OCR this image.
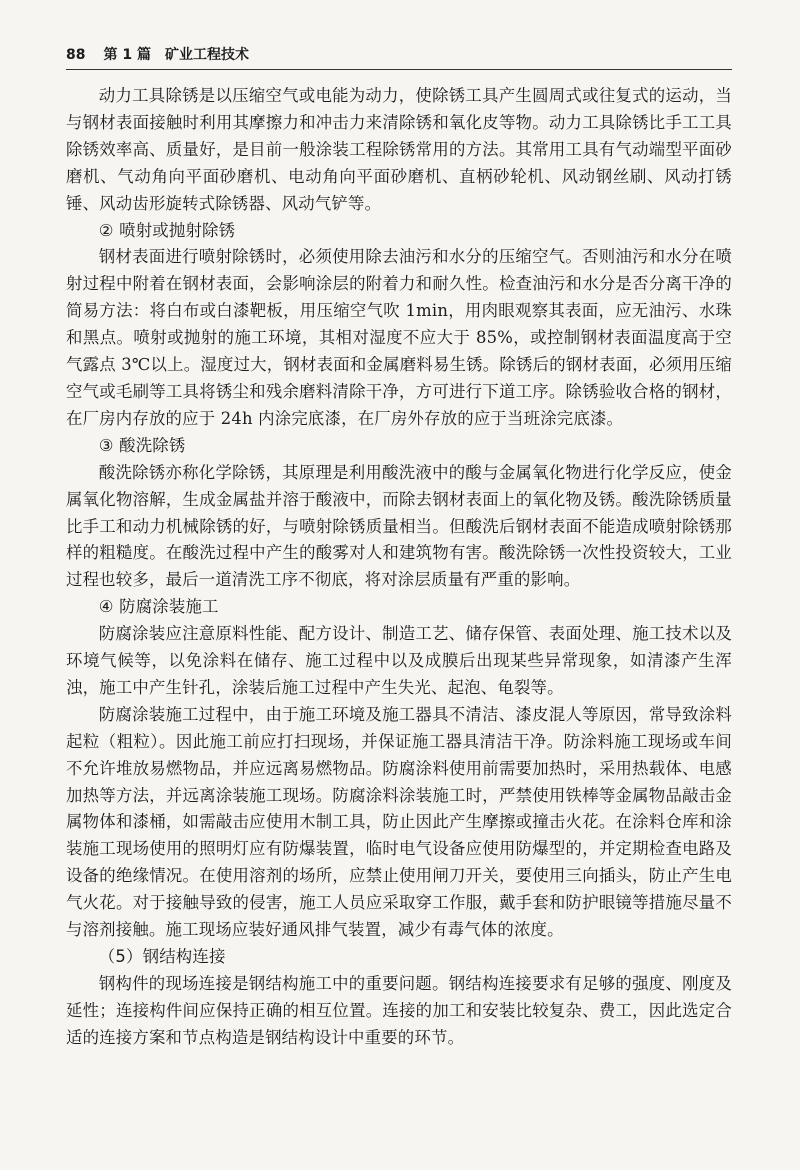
88 第 1 篇 矿业工程技术

动力工具除锈是以压缩空气或电能为动力，使除锈工具产生圆周式或往复式的运动，当与钢材表面接触时利用其摩擦力和冲击力来清除锈和氧化皮等物。动力工具除锈比手工工具除锈效率高、质量好，是目前一般涂装工程除锈常用的方法。其常用工具有气动端型平面砂磨机、气动角向平面砂磨机、电动角向平面砂磨机、直柄砂轮机、风动钢丝刷、风动打锈锤、风动齿形旋转式除锈器、风动气铲等。

② 喷射或抛射除锈

钢材表面进行喷射除锈时，必须使用除去油污和水分的压缩空气。否则油污和水分在喷射过程中附着在钢材表面，会影响涂层的附着力和耐久性。检查油污和水分是否分离干净的简易方法：将白布或白漆靶板，用压缩空气吹 1min，用肉眼观察其表面，应无油污、水珠和黑点。喷射或抛射的施工环境，其相对湿度不应大于 85%，或控制钢材表面温度高于空气露点 3℃以上。湿度过大，钢材表面和金属磨料易生锈。除锈后的钢材表面，必须用压缩空气或毛刷等工具将锈尘和残余磨料清除干净，方可进行下道工序。除锈验收合格的钢材，在厂房内存放的应于 24h 内涂完底漆，在厂房外存放的应于当班涂完底漆。

③ 酸洗除锈

酸洗除锈亦称化学除锈，其原理是利用酸洗液中的酸与金属氧化物进行化学反应，使金属氧化物溶解，生成金属盐并溶于酸液中，而除去钢材表面上的氧化物及锈。酸洗除锈质量比手工和动力机械除锈的好，与喷射除锈质量相当。但酸洗后钢材表面不能造成喷射除锈那样的粗糙度。在酸洗过程中产生的酸雾对人和建筑物有害。酸洗除锈一次性投资较大，工业过程也较多，最后一道清洗工序不彻底，将对涂层质量有严重的影响。

④ 防腐涂装施工

防腐涂装应注意原料性能、配方设计、制造工艺、储存保管、表面处理、施工技术以及环境气候等，以免涂料在储存、施工过程中以及成膜后出现某些异常现象，如清漆产生浑浊，施工中产生针孔，涂装后施工过程中产生失光、起泡、龟裂等。

防腐涂装施工过程中，由于施工环境及施工器具不清洁、漆皮混人等原因，常导致涂料起粒（粗粒）。因此施工前应打扫现场，并保证施工器具清洁干净。防涂料施工现场或车间不允许堆放易燃物品，并应远离易燃物品。防腐涂料使用前需要加热时，采用热载体、电感加热等方法，并远离涂装施工现场。防腐涂料涂装施工时，严禁使用铁棒等金属物品敲击金属物体和漆桶，如需敲击应使用木制工具，防止因此产生摩擦或撞击火花。在涂料仓库和涂装施工现场使用的照明灯应有防爆装置，临时电气设备应使用防爆型的，并定期检查电路及设备的绝缘情况。在使用溶剂的场所，应禁止使用闸刀开关，要使用三向插头，防止产生电气火花。对于接触导致的侵害，施工人员应采取穿工作服，戴手套和防护眼镜等措施尽量不与溶剂接触。施工现场应装好通风排气装置，减少有毒气体的浓度。

（5）钢结构连接

钢构件的现场连接是钢结构施工中的重要问题。钢结构连接要求有足够的强度、刚度及延性；连接构件间应保持正确的相互位置。连接的加工和安装比较复杂、费工，因此选定合适的连接方案和节点构造是钢结构设计中重要的环节。
